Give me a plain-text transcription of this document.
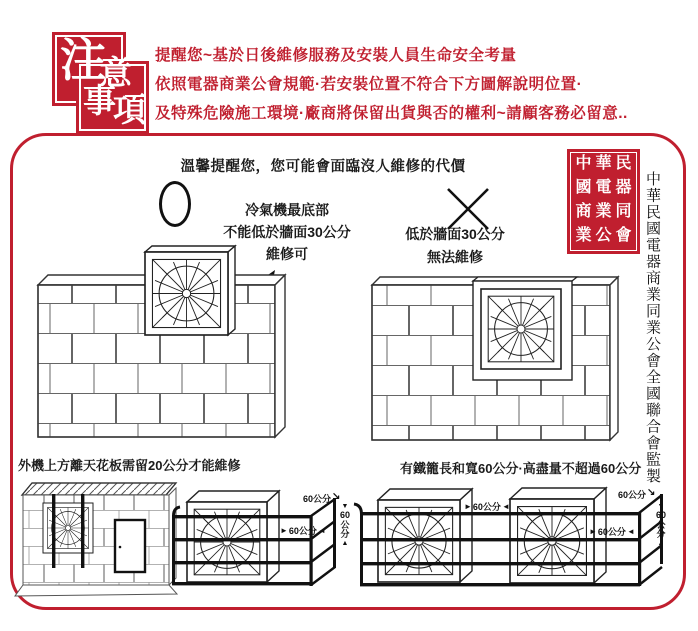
注
意
事
項
提醒您~基於日後維修服務及安裝人員生命安全考量
依照電器商業公會規範·若安裝位置不符合下方圖解說明位置·
及特殊危險施工環境·廠商將保留出貨與否的權利~請顧客務必留意..
溫馨提醒您，您可能會面臨沒人維修的代價
冷氣機最底部
不能低於牆面30公分
維修可
低於牆面30公分
無法維修
中華民
國電器
商業同
業公會 中華民國電器商業同業公會全國聯合會監製
外機上方離天花板需留20公分才能維修	有鐵籠長和寬60公分·高盡量不超過60公分
60公分 ↘
► 60公分 ◄
▼
60
公
分
▲
► 60公分 ◄
► 60公分 ◄
60公分 ↘
▼
60
公
分
▲
